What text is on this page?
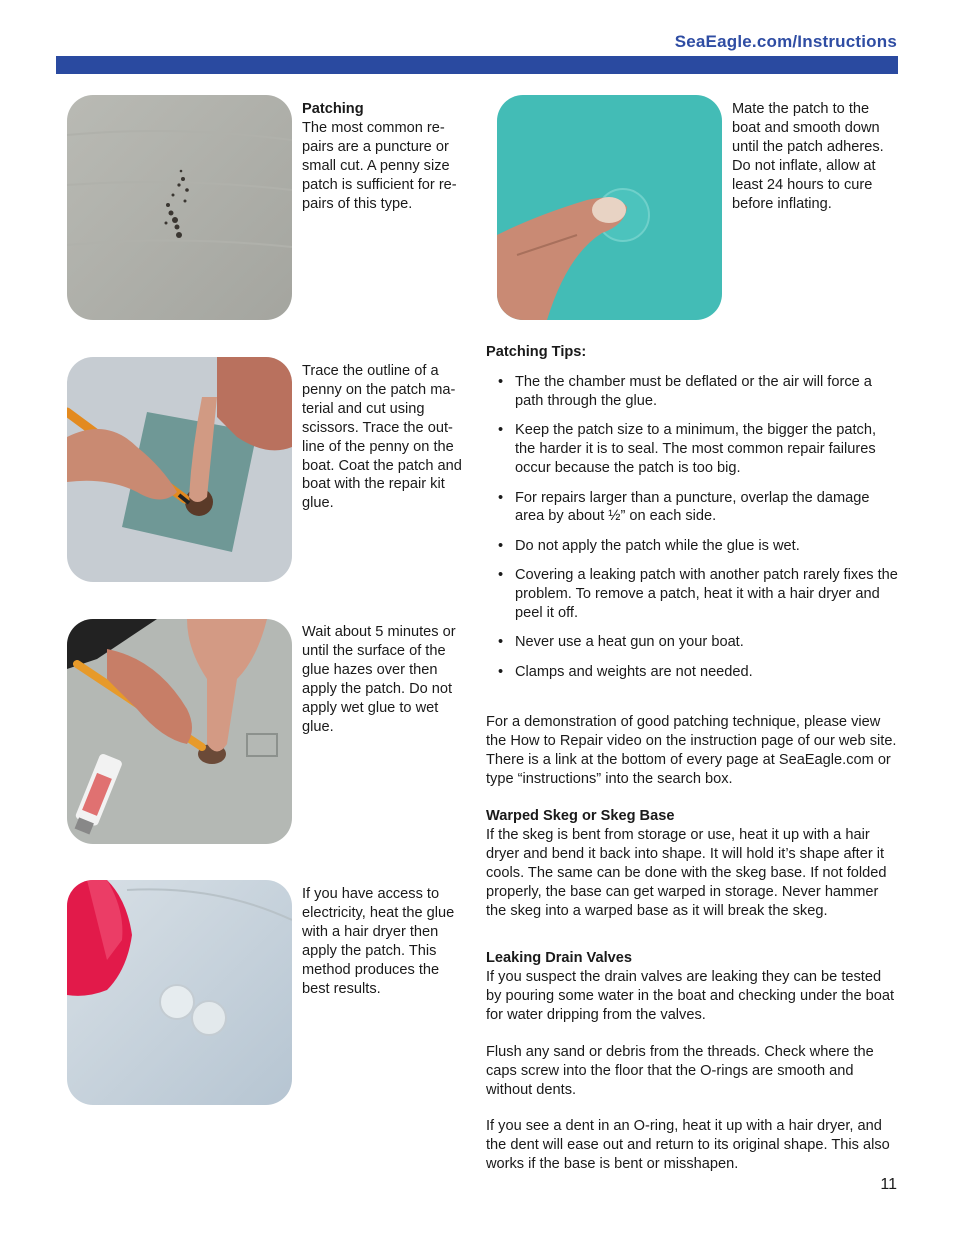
SeaEagle.com/Instructions
Patching
The most common re-pairs are a puncture or small cut. A penny size patch is sufficient for re-pairs of this type.
Trace the outline of a penny on the patch ma-terial and cut using scissors. Trace the out-line of the penny on the boat. Coat the patch and boat with the repair kit glue.
Wait about 5 minutes or until the surface of the glue hazes over then apply the patch. Do not apply wet glue to wet glue.
If you have access to electricity, heat the glue with a hair dryer then apply the patch. This method produces the best results.
Mate the patch to the boat and smooth down until the patch adheres. Do not inflate, allow at least 24 hours to cure before inflating.
Patching Tips:
• The the chamber must be deflated or the air will force a path through the glue.
• Keep the patch size to a minimum, the bigger the patch, the harder it is to seal. The most common repair failures occur because the patch is too big.
• For repairs larger than a puncture, overlap the damage area by about ½” on each side.
• Do not apply the patch while the glue is wet.
• Covering a leaking patch with another patch rarely fixes the problem. To remove a patch, heat it with a hair dryer and peel it off.
• Never use a heat gun on your boat.
• Clamps and weights are not needed.
For a demonstration of good patching technique, please view the How to Repair video on the instruction page of our web site. There is a link at the bottom of every page at SeaEagle.com or type “instructions” into the search box.
Warped Skeg or Skeg Base
If the skeg is bent from storage or use, heat it up with a hair dryer and bend it back into shape. It will hold it’s shape after it cools. The same can be done with the skeg base. If not folded properly, the base can get warped in storage. Never hammer the skeg into a warped base as it will break the skeg.
Leaking Drain Valves
If you suspect the drain valves are leaking they can be tested by pouring some water in the boat and checking under the boat for water dripping from the valves.
Flush any sand or debris from the threads. Check where the caps screw into the floor that the O-rings are smooth and without dents.
If you see a dent in an O-ring, heat it up with a hair dryer, and the dent will ease out and return to its original shape. This also works if the base is bent or misshapen.
11
